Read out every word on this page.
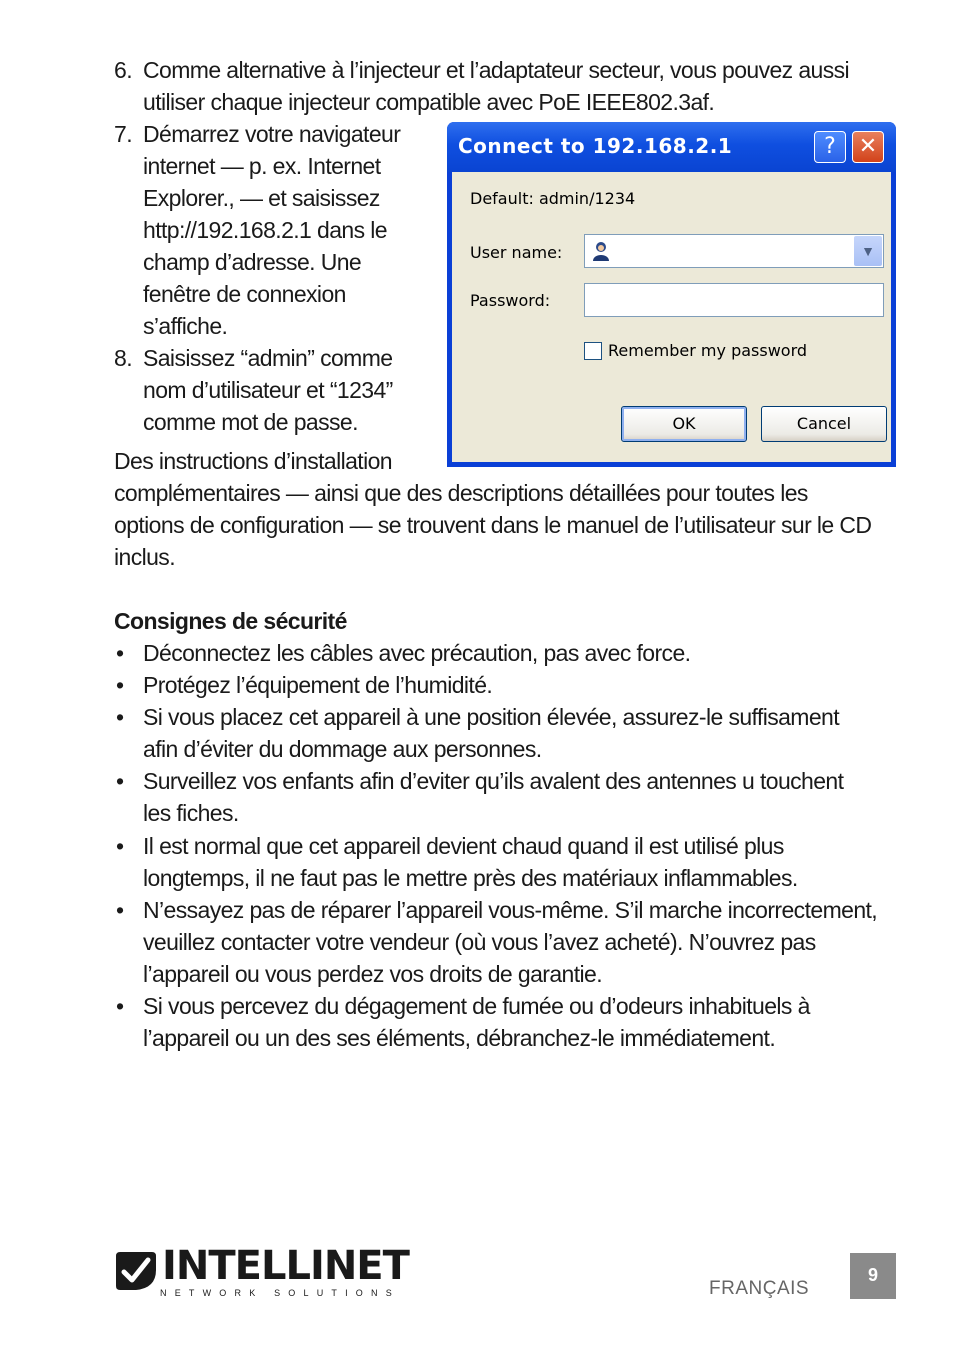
6. Comme alternative à l’injecteur et l’adaptateur secteur, vous pouvez aussi
utiliser chaque injecteur compatible avec PoE IEEE802.3af.
7. Démarrez votre navigateur
internet — p. ex. Internet
Explorer., — et saisissez
http://192.168.2.1 dans le
champ d’adresse. Une
fenêtre de connexion
s’affiche.
8. Saisissez “admin” comme
nom d’utilisateur et “1234”
comme mot de passe.
Des instructions d’installation
complémentaires — ainsi que des descriptions détaillées pour toutes les
options de configuration — se trouvent dans le manuel de l’utilisateur sur le CD
inclus.
Connect to 192.168.2.1	?	✕
Default: admin/1234
User name:	▼
Password:
Remember my password
OK	Cancel
Consignes de sécurité
• Déconnectez les câbles avec précaution, pas avec force.
• Protégez l’équipement de l’humidité.
• Si vous placez cet appareil à une position élevée, assurez-le suffisament
afin d’éviter du dommage aux personnes.
• Surveillez vos enfants afin d’eviter qu’ils avalent des antennes u touchent
les fiches.
• Il est normal que cet appareil devient chaud quand il est utilisé plus
longtemps, il ne faut pas le mettre près des matériaux inflammables.
• N’essayez pas de réparer l’appareil vous-même. S’il marche incorrectement,
veuillez contacter votre vendeur (où vous l’avez acheté). N’ouvrez pas
l’appareil ou vous perdez vos droits de garantie.
• Si vous percevez du dégagement de fumée ou d’odeurs inhabituels à
l’appareil ou un des ses éléments, débranchez-le immédiatement.
INTELLINET
NETWORK SOLUTIONS	FRANÇAIS
9
